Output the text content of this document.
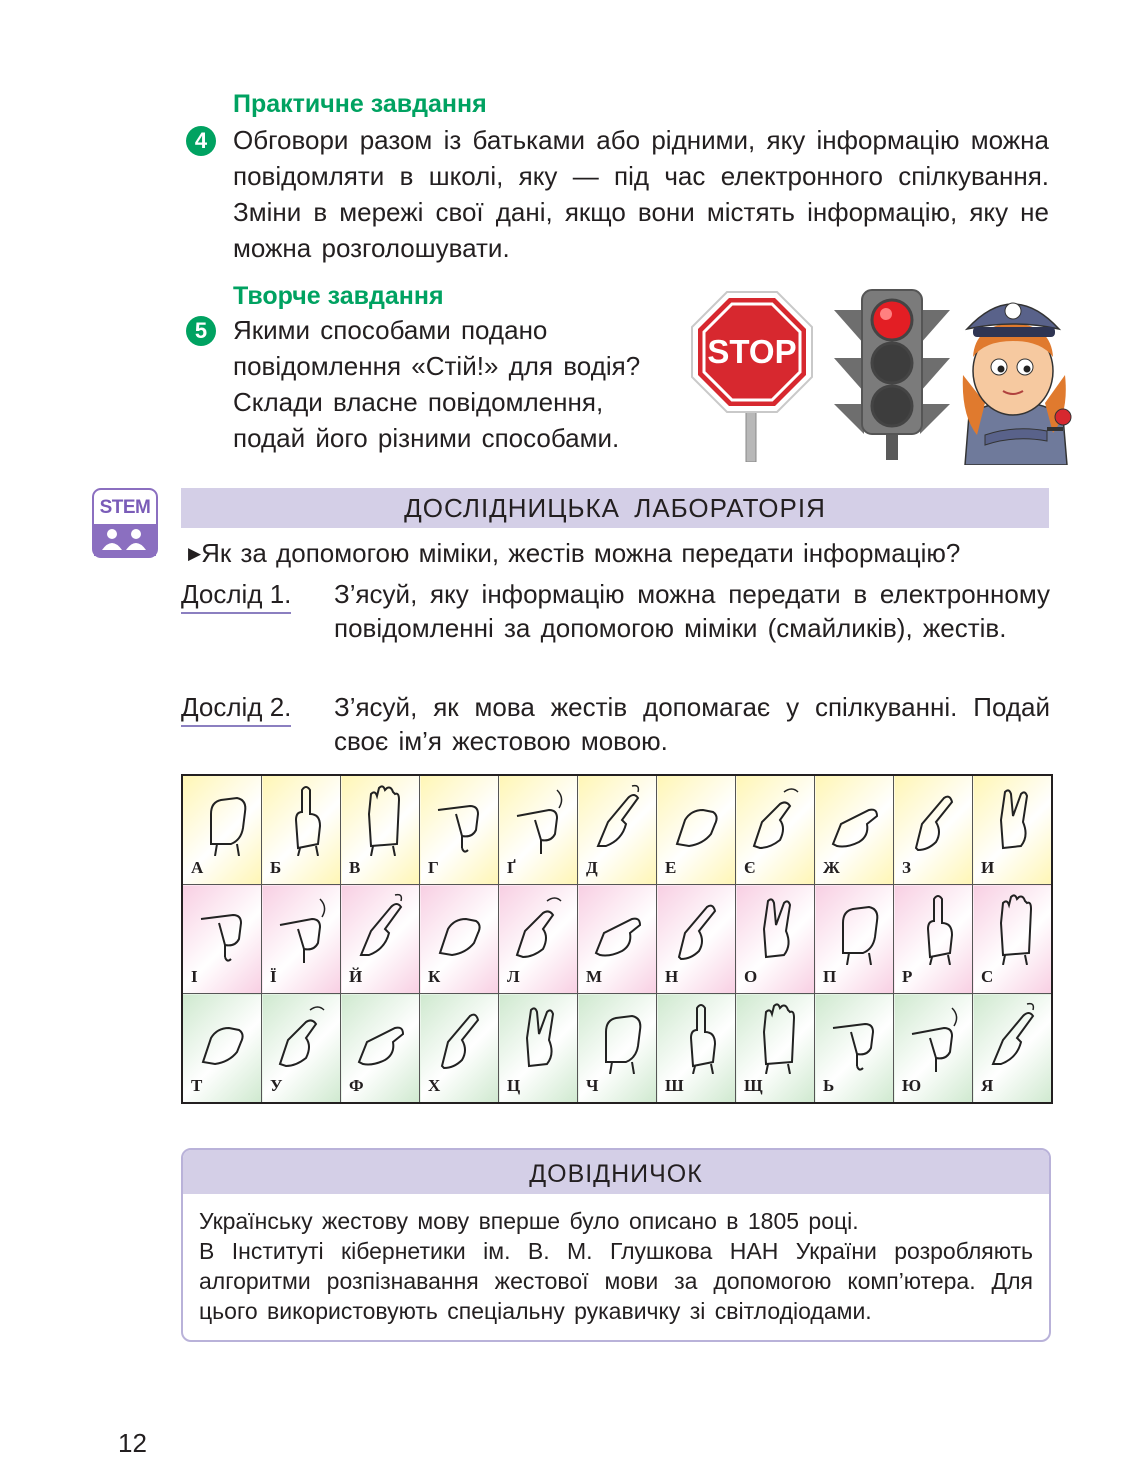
Практичне завдання
4 Обговори разом із батьками або рідними, яку інформацію можна повідомляти в школі, яку — під час електронного спілкування. Зміни в мережі свої дані, якщо вони містять інформацію, яку не можна розголошувати.
Творче завдання
5 Якими способами подано
повідомлення «Стій!» для водія?
Склади власне повідомлення,
подай його різними способами.
STOP
STEM	ДОСЛІДНИЦЬКА ЛАБОРАТОРІЯ
▶Як за допомогою міміки, жестів можна передати інформацію?
Дослід 1. З’ясуй, яку інформацію можна передати в електронному повідомленні за допомогою міміки (смайликів), жестів.
Дослід 2. З’ясуй, як мова жестів допомагає у спілкуванні. Подай своє ім’я жестовою мовою.
А	Б	В	Г	Ґ	Д	Е	Є	Ж	З	И

І	Ї	Й	К	Л	М	Н	О	П	Р	С

Т	У	Ф	Х	Ц	Ч	Ш	Щ	Ь	Ю	Я
ДОВІДНИЧОК
Українську жестову мову вперше було описано в 1805 році.
В Інституті кібернетики ім. В. М. Глушкова НАН України розробляють алгоритми розпізнавання жестової мови за допомогою комп’ютера. Для цього використовують спеціальну рукавичку зі світлодіодами.
12
